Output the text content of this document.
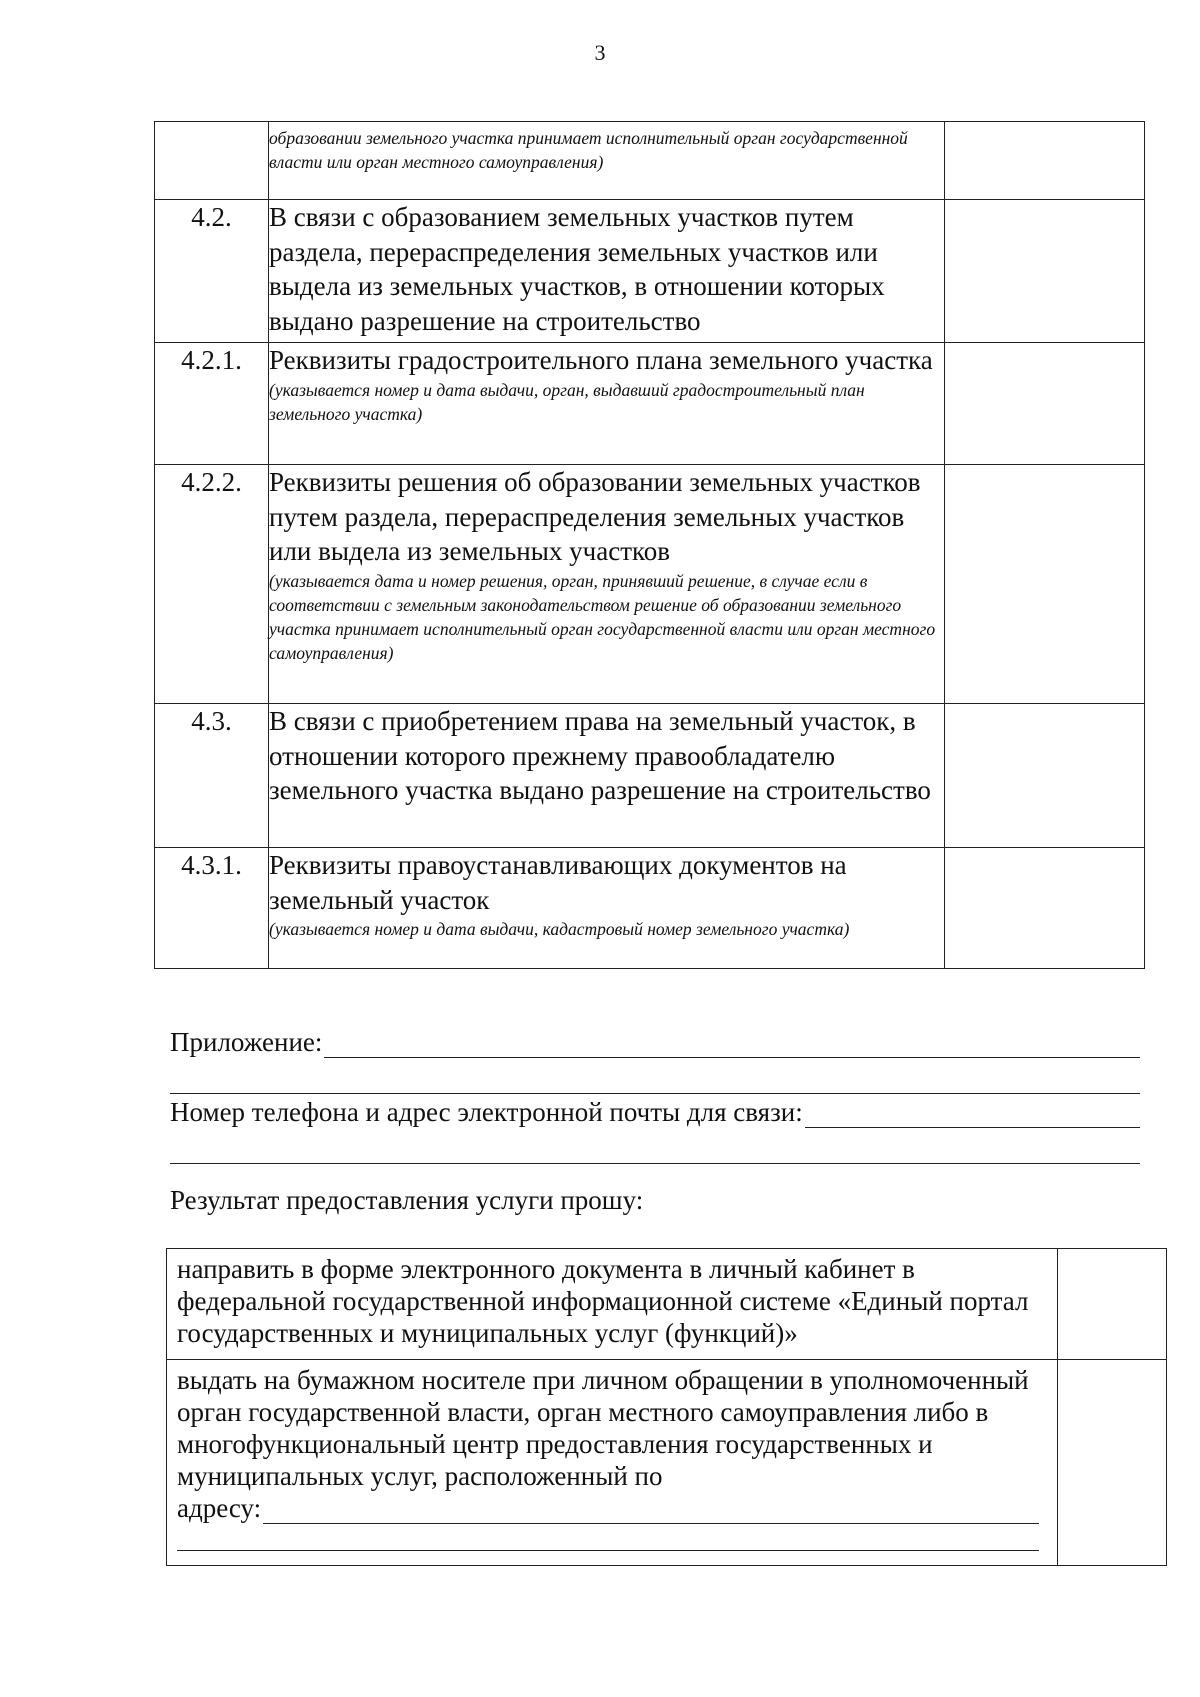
3

	образовании земельного участка принимает исполнительный орган государственной власти или орган местного самоуправления)	

4.2.	В связи с образованием земельных участков путем раздела, перераспределения земельных участков или выдела из земельных участков, в отношении которых выдано разрешение на строительство	

4.2.1.	Реквизиты градостроительного плана земельного участка
(указывается номер и дата выдачи, орган, выдавший градостроительный план земельного участка)	

4.2.2.	Реквизиты решения об образовании земельных участков путем раздела, перераспределения земельных участков или выдела из земельных участков
(указывается дата и номер решения, орган, принявший решение, в случае если в соответствии с земельным законодательством решение об образовании земельного участка принимает исполнительный орган государственной власти или орган местного самоуправления)	

4.3.	В связи с приобретением права на земельный участок, в отношении которого прежнему правообладателю земельного участка выдано разрешение на строительство	

4.3.1.	Реквизиты правоустанавливающих документов на земельный участок
(указывается номер и дата выдачи, кадастровый номер земельного участка)	

Приложение:
Номер телефона и адрес электронной почты для связи:
Результат предоставления услуги прошу:
направить в форме электронного документа в личный кабинет в федеральной государственной информационной системе «Единый портал государственных и муниципальных услуг (функций)»	

выдать на бумажном носителе при личном обращении в уполномоченный орган государственной власти, орган местного самоуправления либо в многофункциональный центр предоставления государственных и муниципальных услуг, расположенный по
адресу:	
